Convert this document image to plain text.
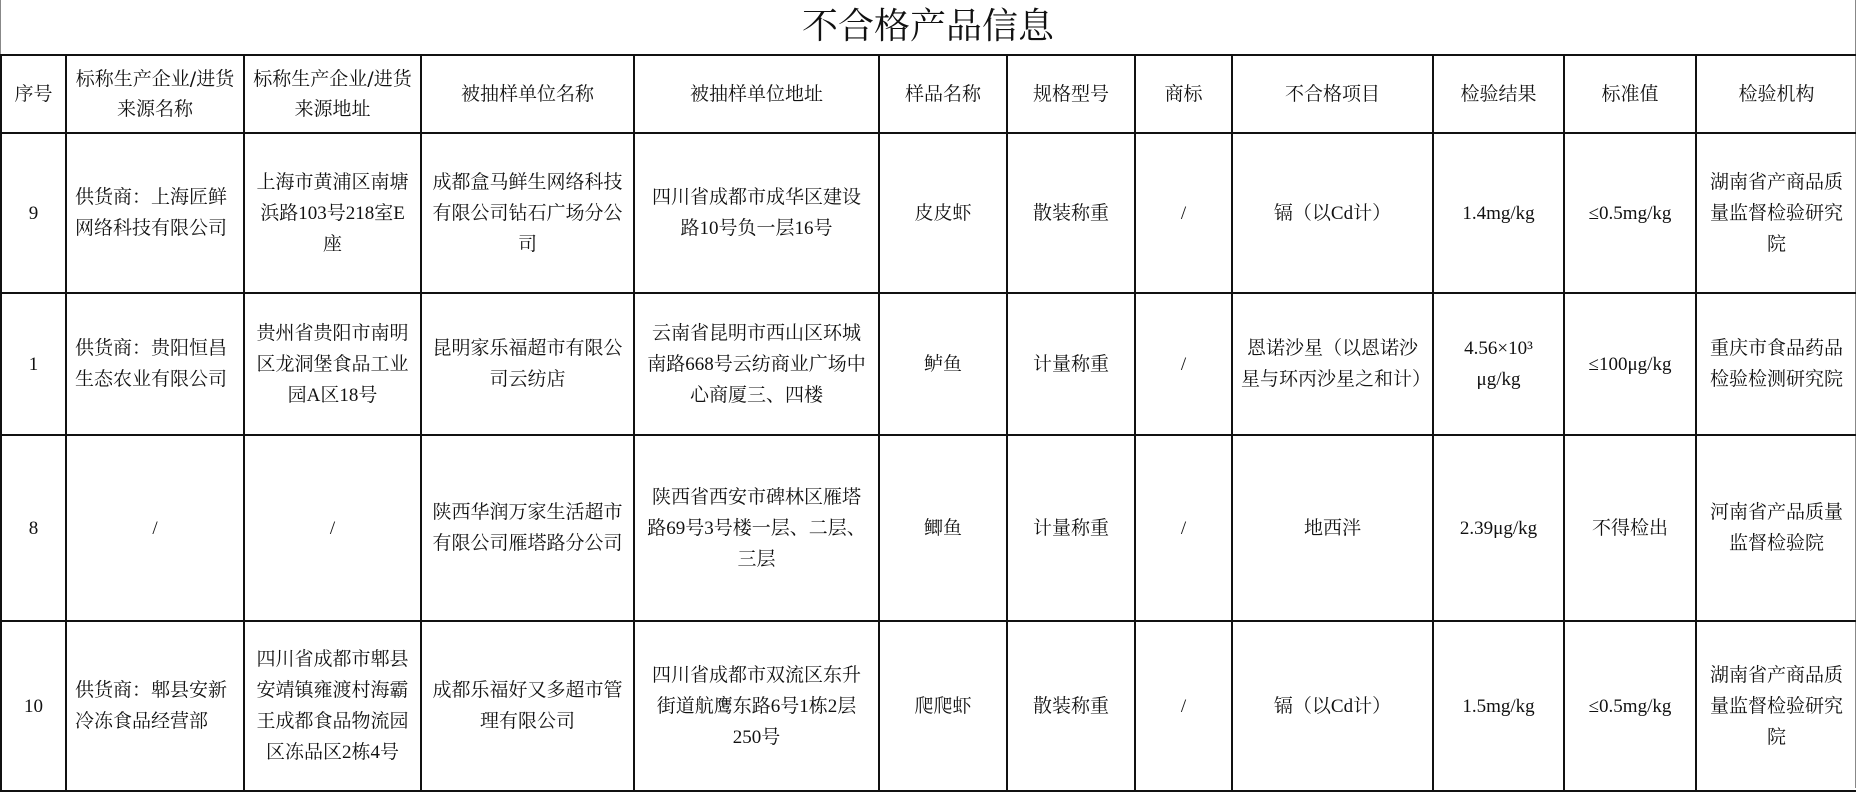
不合格产品信息
序号	标称生产企业/进货来源名称	标称生产企业/进货来源地址	被抽样单位名称	被抽样单位地址	样品名称	规格型号	商标	不合格项目	检验结果	标准值	检验机构
9	供货商：上海匠鲜网络科技有限公司	上海市黄浦区南塘浜路103号218室E座	成都盒马鲜生网络科技有限公司钻石广场分公司	四川省成都市成华区建设路10号负一层16号	皮皮虾	散装称重	/	镉（以Cd计）	1.4mg/kg	≤0.5mg/kg	湖南省产商品质量监督检验研究院
1	供货商：贵阳恒昌生态农业有限公司	贵州省贵阳市南明区龙洞堡食品工业园A区18号	昆明家乐福超市有限公司云纺店	云南省昆明市西山区环城南路668号云纺商业广场中心商厦三、四楼	鲈鱼	计量称重	/	恩诺沙星（以恩诺沙星与环丙沙星之和计）	4.56×10³ μg/kg	≤100μg/kg	重庆市食品药品检验检测研究院
8	/	/	陕西华润万家生活超市有限公司雁塔路分公司	陕西省西安市碑林区雁塔路69号3号楼一层、二层、三层	鲫鱼	计量称重	/	地西泮	2.39μg/kg	不得检出	河南省产品质量监督检验院
10	供货商：郫县安新冷冻食品经营部	四川省成都市郫县安靖镇雍渡村海霸王成都食品物流园区冻品区2栋4号	成都乐福好又多超市管理有限公司	四川省成都市双流区东升街道航鹰东路6号1栋2层250号	爬爬虾	散装称重	/	镉（以Cd计）	1.5mg/kg	≤0.5mg/kg	湖南省产商品质量监督检验研究院
